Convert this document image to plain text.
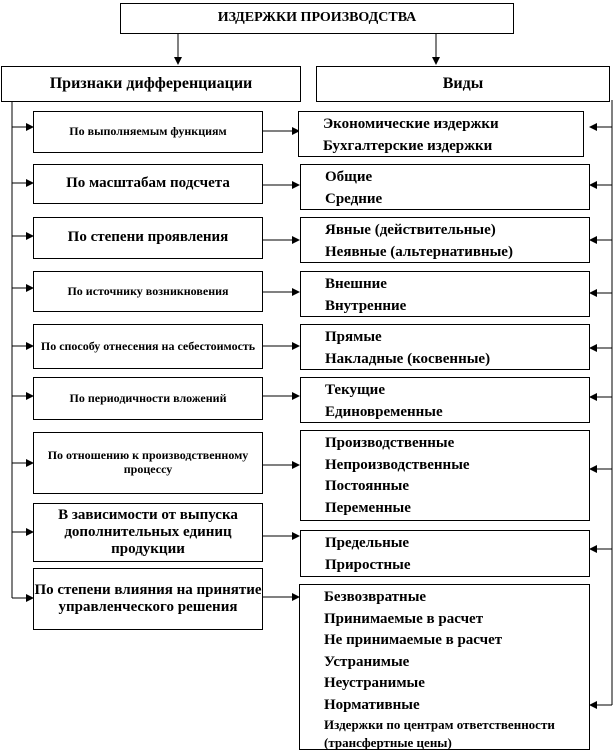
ИЗДЕРЖКИ ПРОИЗВОДСТВА
Признаки дифференциации	Виды
По выполняемым функциям
По масштабам подсчета
По степени проявления
По источнику возникновения
По способу отнесения на себестоимость
По периодичности вложений
По отношению к производственному процессу
В зависимости от выпуска дополнительных единиц продукции
По степени влияния на принятие управленческого решения
Экономические издержки
Бухгалтерские издержки
Общие
Средние
Явные (действительные)
Неявные (альтернативные)
Внешние
Внутренние
Прямые
Накладные (косвенные)
Текущие
Единовременные
Производственные
Непроизводственные
Постоянные
Переменные
Предельные
Приростные
Безвозвратные
Принимаемые в расчет
Не принимаемые в расчет
Устранимые
Неустранимые
Нормативные
Издержки по центрам ответственности (трансфертные цены)
